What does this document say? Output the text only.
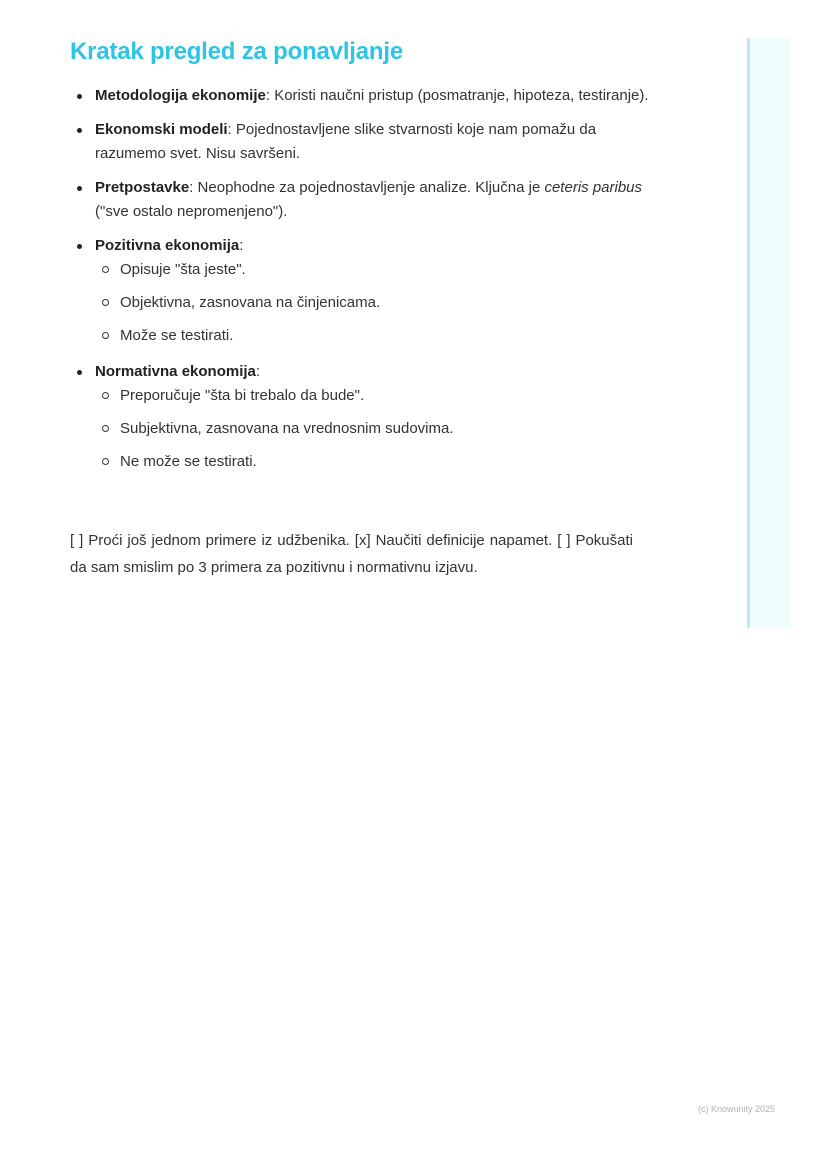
Kratak pregled za ponavljanje
Metodologija ekonomije: Koristi naučni pristup (posmatranje, hipoteza, testiranje).
Ekonomski modeli: Pojednostavljene slike stvarnosti koje nam pomažu da razumemo svet. Nisu savršeni.
Pretpostavke: Neophodne za pojednostavljenje analize. Ključna je ceteris paribus ("sve ostalo nepromenjeno").
Pozitivna ekonomija:
Opisuje "šta jeste".
Objektivna, zasnovana na činjenicama.
Može se testirati.
Normativna ekonomija:
Preporučuje "šta bi trebalo da bude".
Subjektivna, zasnovana na vrednosnim sudovima.
Ne može se testirati.

[ ] Proći još jednom primere iz udžbenika. [x] Naučiti definicije napamet. [ ] Pokušati da sam smislim po 3 primera za pozitivnu i normativnu izjavu.

(c) Knowunity 2025
